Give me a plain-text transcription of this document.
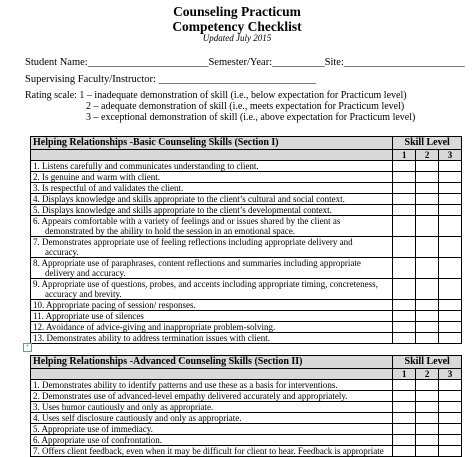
Counseling Practicum
Competency Checklist
Updated July 2015
Student Name:_______________________Semester/Year:__________Site:_______________________
Supervising Faculty/Instructor: ______________________________
Rating scale: 1 – inadequate demonstration of skill (i.e., below expectation for Practicum level)
2 – adequate demonstration of skill (i.e., meets expectation for Practicum level)
3 – exceptional demonstration of skill (i.e., above expectation for Practicum level)
Helping Relationships -Basic Counseling Skills (Section I)	Skill Level		
	1	2	3
1. Listens carefully and communicates understanding to client.			
2. Is genuine and warm with client.			
3. Is respectful of and validates the client.			
4. Displays knowledge and skills appropriate to the client’s cultural and social context.			
5. Displays knowledge and skills appropriate to the client’s developmental context.			
6. Appears comfortable with a variety of feelings and or issues shared by the client as
demonstrated by the ability to hold the session in an emotional space.			

7. Demonstrates appropriate use of feeling reflections including appropriate delivery and
accuracy.			

8. Appropriate use of paraphrases, content reflections and summaries including appropriate
delivery and accuracy.			

9. Appropriate use of questions, probes, and accents including appropriate timing, concreteness,
accuracy and brevity.			

10. Appropriate pacing of session/ responses.			
11. Appropriate use of silences			
12. Avoidance of advice-giving and inappropriate problem-solving.			
13. Demonstrates ability to address termination issues with client.			
+
Helping Relationships -Advanced Counseling Skills (Section II)	Skill Level		
	1	2	3
1. Demonstrates ability to identify patterns and use these as a basis for interventions.			
2. Demonstrates use of advanced-level empathy delivered accurately and appropriately.			
3. Uses humor cautiously and only as appropriate.			
4. Uses self disclosure cautiously and only as appropriate.			
5. Appropriate use of immediacy.			
6. Appropriate use of confrontation.			
7. Offers client feedback, even when it may be difficult for client to hear. Feedback is appropriate			
